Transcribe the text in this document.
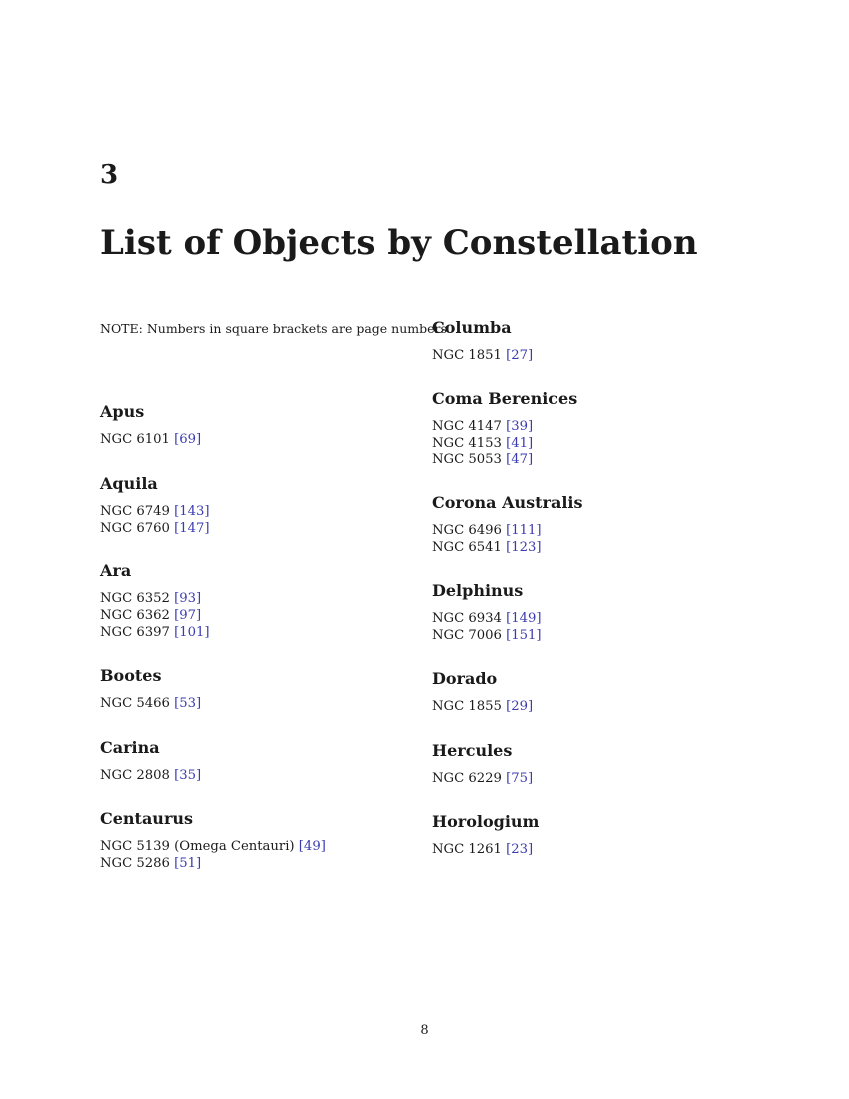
3
List of Objects by Constellation
NOTE: Numbers in square brackets are page numbers
Apus
NGC 6101 [69]
Aquila
NGC 6749 [143]
NGC 6760 [147]
Ara
NGC 6352 [93]
NGC 6362 [97]
NGC 6397 [101]
Bootes
NGC 5466 [53]
Carina
NGC 2808 [35]
Centaurus
NGC 5139 (Omega Centauri) [49]
NGC 5286 [51]
Columba
NGC 1851 [27]
Coma Berenices
NGC 4147 [39]
NGC 4153 [41]
NGC 5053 [47]
Corona Australis
NGC 6496 [111]
NGC 6541 [123]
Delphinus
NGC 6934 [149]
NGC 7006 [151]
Dorado
NGC 1855 [29]
Hercules
NGC 6229 [75]
Horologium
NGC 1261 [23]
8
